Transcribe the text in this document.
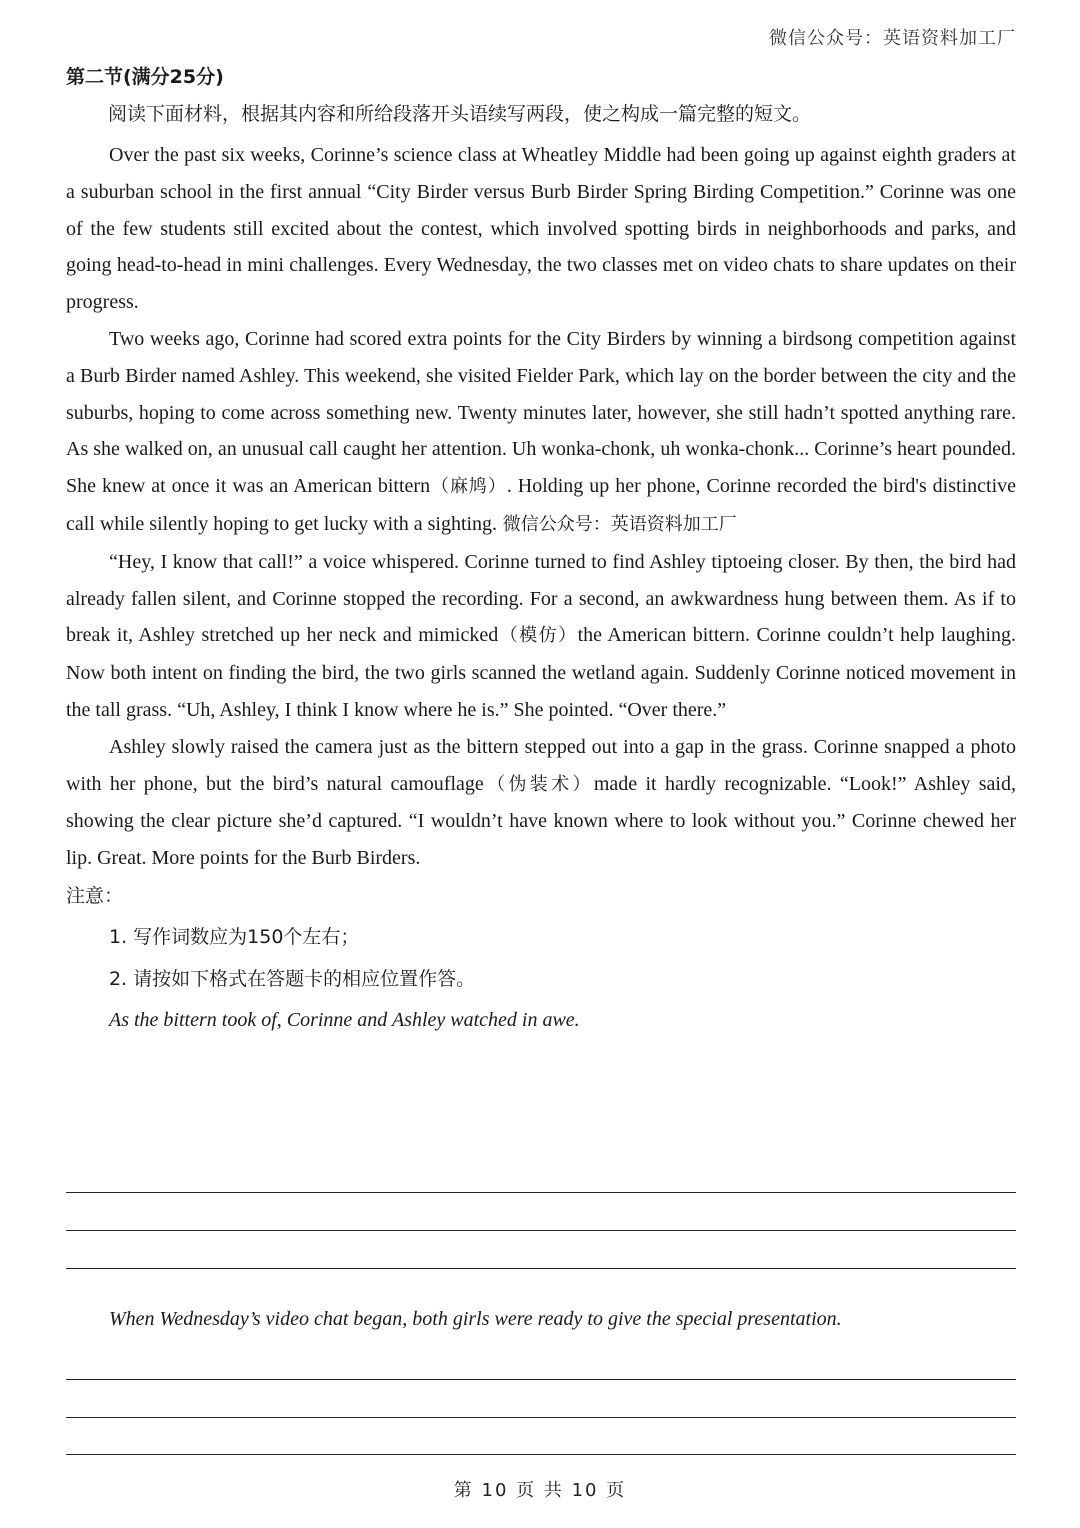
微信公众号：英语资料加工厂
第二节(满分25分)
阅读下面材料，根据其内容和所给段落开头语续写两段，使之构成一篇完整的短文。

Over the past six weeks, Corinne’s science class at Wheatley Middle had been going up against eighth graders at a suburban school in the first annual “City Birder versus Burb Birder Spring Birding Competition.” Corinne was one of the few students still excited about the contest, which involved spotting birds in neighborhoods and parks, and going head-to-head in mini challenges. Every Wednesday, the two classes met on video chats to share updates on their progress.

Two weeks ago, Corinne had scored extra points for the City Birders by winning a birdsong competition against a Burb Birder named Ashley. This weekend, she visited Fielder Park, which lay on the border between the city and the suburbs, hoping to come across something new. Twenty minutes later, however, she still hadn’t spotted anything rare. As she walked on, an unusual call caught her attention. Uh wonka-chonk, uh wonka-chonk... Corinne’s heart pounded. She knew at once it was an American bittern（麻鸠）. Holding up her phone, Corinne recorded the bird's distinctive call while silently hoping to get lucky with a sighting. 微信公众号：英语资料加工厂

“Hey, I know that call!” a voice whispered. Corinne turned to find Ashley tiptoeing closer. By then, the bird had already fallen silent, and Corinne stopped the recording. For a second, an awkwardness hung between them. As if to break it, Ashley stretched up her neck and mimicked（模仿）the American bittern. Corinne couldn’t help laughing. Now both intent on finding the bird, the two girls scanned the wetland again. Suddenly Corinne noticed movement in the tall grass. “Uh, Ashley, I think I know where he is.” She pointed. “Over there.”

Ashley slowly raised the camera just as the bittern stepped out into a gap in the grass. Corinne snapped a photo with her phone, but the bird’s natural camouflage（伪装术）made it hardly recognizable. “Look!” Ashley said, showing the clear picture she’d captured. “I wouldn’t have known where to look without you.” Corinne chewed her lip. Great. More points for the Burb Birders.

注意：
1. 写作词数应为150个左右；
2. 请按如下格式在答题卡的相应位置作答。
As the bittern took of, Corinne and Ashley watched in awe.
When Wednesday’s video chat began, both girls were ready to give the special presentation.
第 10 页 共 10 页
